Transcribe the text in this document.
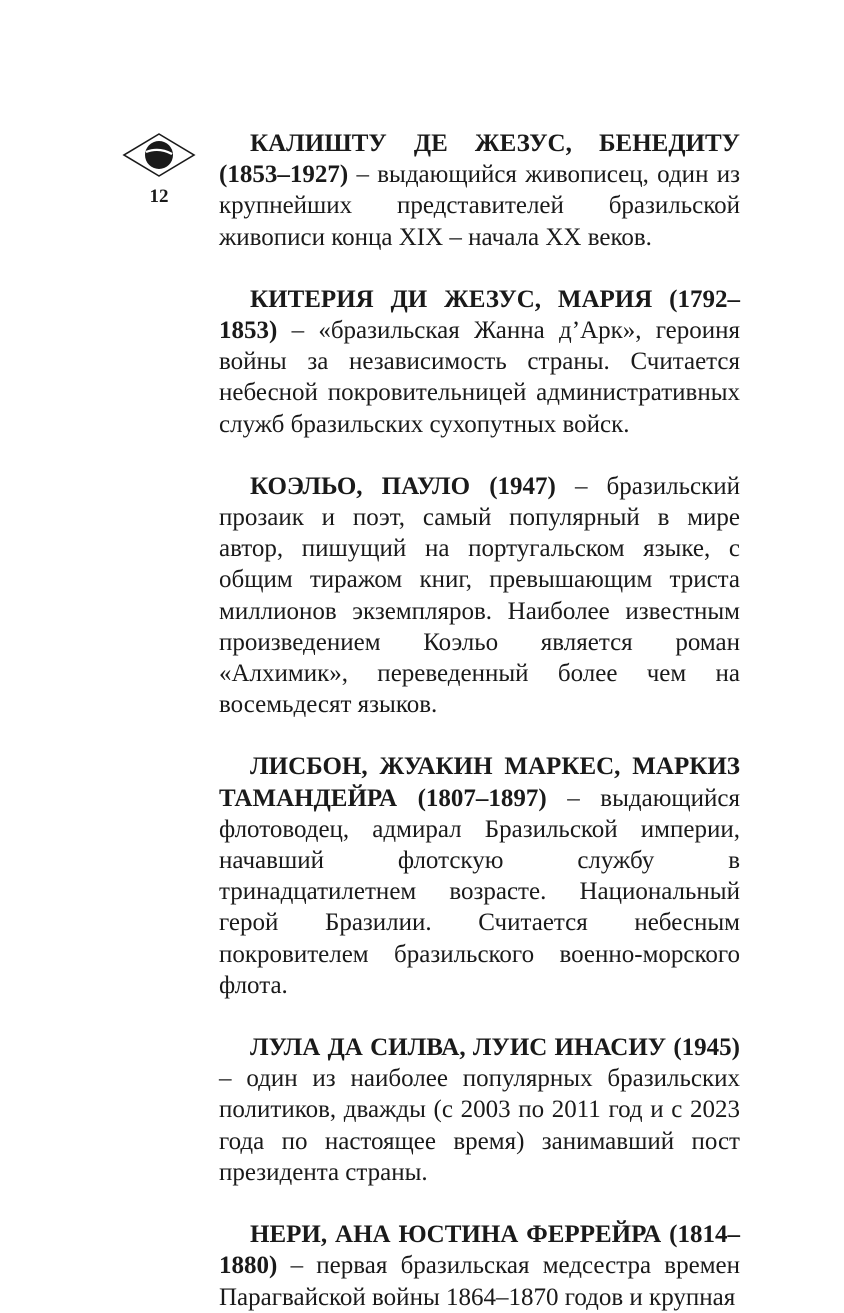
12

КАЛИШТУ ДЕ ЖЕЗУС, БЕНЕДИТУ (1853–1927) – выдающийся живописец, один из крупнейших представителей бразильской живописи конца XIX – начала XX веков.

КИТЕРИЯ ДИ ЖЕЗУС, МАРИЯ (1792–1853) – «бразильская Жанна д’Арк», героиня войны за независимость страны. Считается небесной покровительницей административных служб бразильских сухопутных войск.

КОЭЛЬО, ПАУЛО (1947) – бразильский прозаик и поэт, самый популярный в мире автор, пишущий на португальском языке, с общим тиражом книг, превышающим триста миллионов экземпляров. Наиболее известным произведением Коэльо является роман «Алхимик», переведенный более чем на восемьдесят языков.

ЛИСБОН, ЖУАКИН МАРКЕС, МАРКИЗ ТАМАНДЕЙРА (1807–1897) – выдающийся флотоводец, адмирал Бразильской империи, начавший флотскую службу в тринадцатилетнем возрасте. Национальный герой Бразилии. Считается небесным покровителем бразильского военно-морского флота.

ЛУЛА ДА СИЛВА, ЛУИС ИНАСИУ (1945) – один из наиболее популярных бразильских политиков, дважды (с 2003 по 2011 год и с 2023 года по настоящее время) занимавший пост президента страны.

НЕРИ, АНА ЮСТИНА ФЕРРЕЙРА (1814–1880) – первая бразильская медсестра времен Парагвайской войны 1864–1870 годов и крупная
